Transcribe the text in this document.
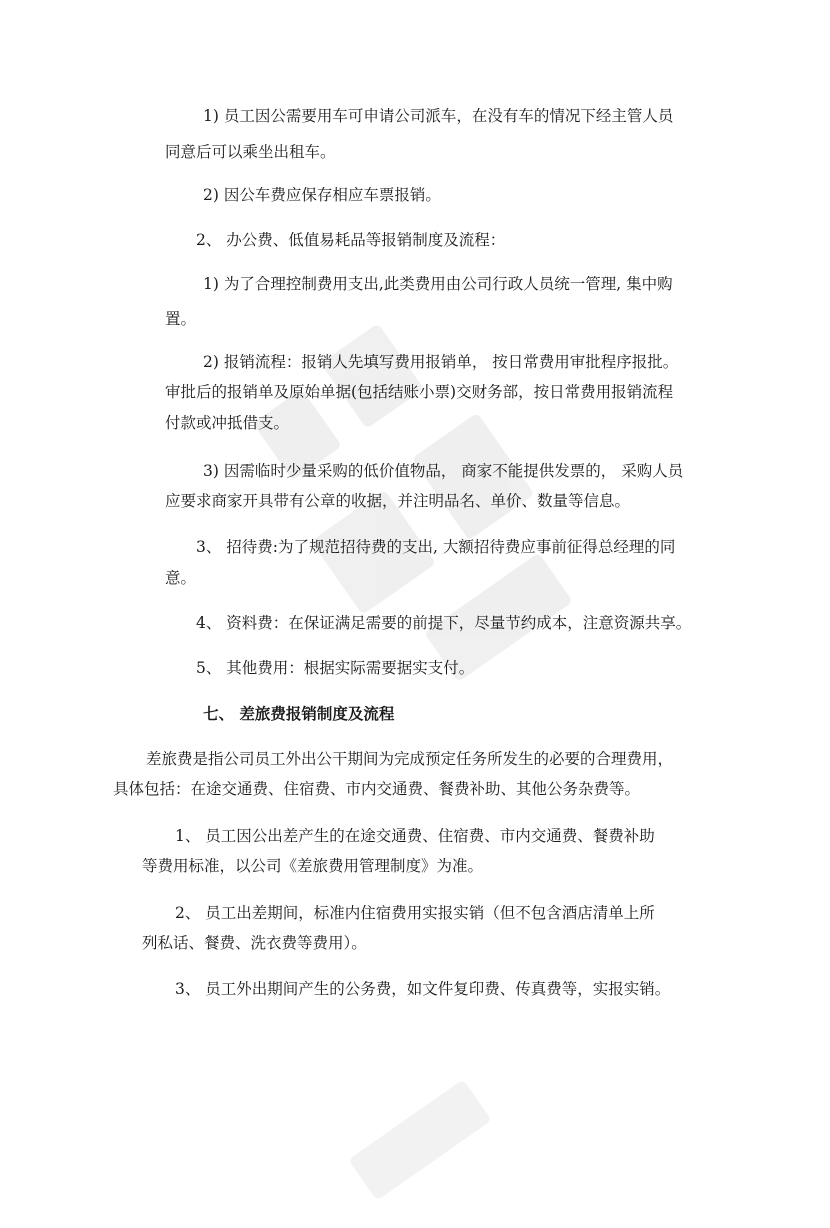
1) 员工因公需要用车可申请公司派车，在没有车的情况下经主管人员
同意后可以乘坐出租车。
2) 因公车费应保存相应车票报销。
2、 办公费、低值易耗品等报销制度及流程：
1) 为了合理控制费用支出,此类费用由公司行政人员统一管理, 集中购
置。
2) 报销流程：报销人先填写费用报销单， 按日常费用审批程序报批。
审批后的报销单及原始单据(包括结账小票)交财务部，按日常费用报销流程
付款或冲抵借支。
3) 因需临时少量采购的低价值物品， 商家不能提供发票的， 采购人员
应要求商家开具带有公章的收据，并注明品名、单价、数量等信息。
3、 招待费:为了规范招待费的支出, 大额招待费应事前征得总经理的同
意。
4、 资料费：在保证满足需要的前提下，尽量节约成本，注意资源共享。
5、 其他费用：根据实际需要据实支付。
七、 差旅费报销制度及流程
差旅费是指公司员工外出公干期间为完成预定任务所发生的必要的合理费用，
具体包括：在途交通费、住宿费、市内交通费、餐费补助、其他公务杂费等。
1、 员工因公出差产生的在途交通费、住宿费、市内交通费、餐费补助
等费用标准，以公司《差旅费用管理制度》为准。
2、 员工出差期间，标准内住宿费用实报实销（但不包含酒店清单上所
列私话、餐费、洗衣费等费用）。
3、 员工外出期间产生的公务费，如文件复印费、传真费等，实报实销。
